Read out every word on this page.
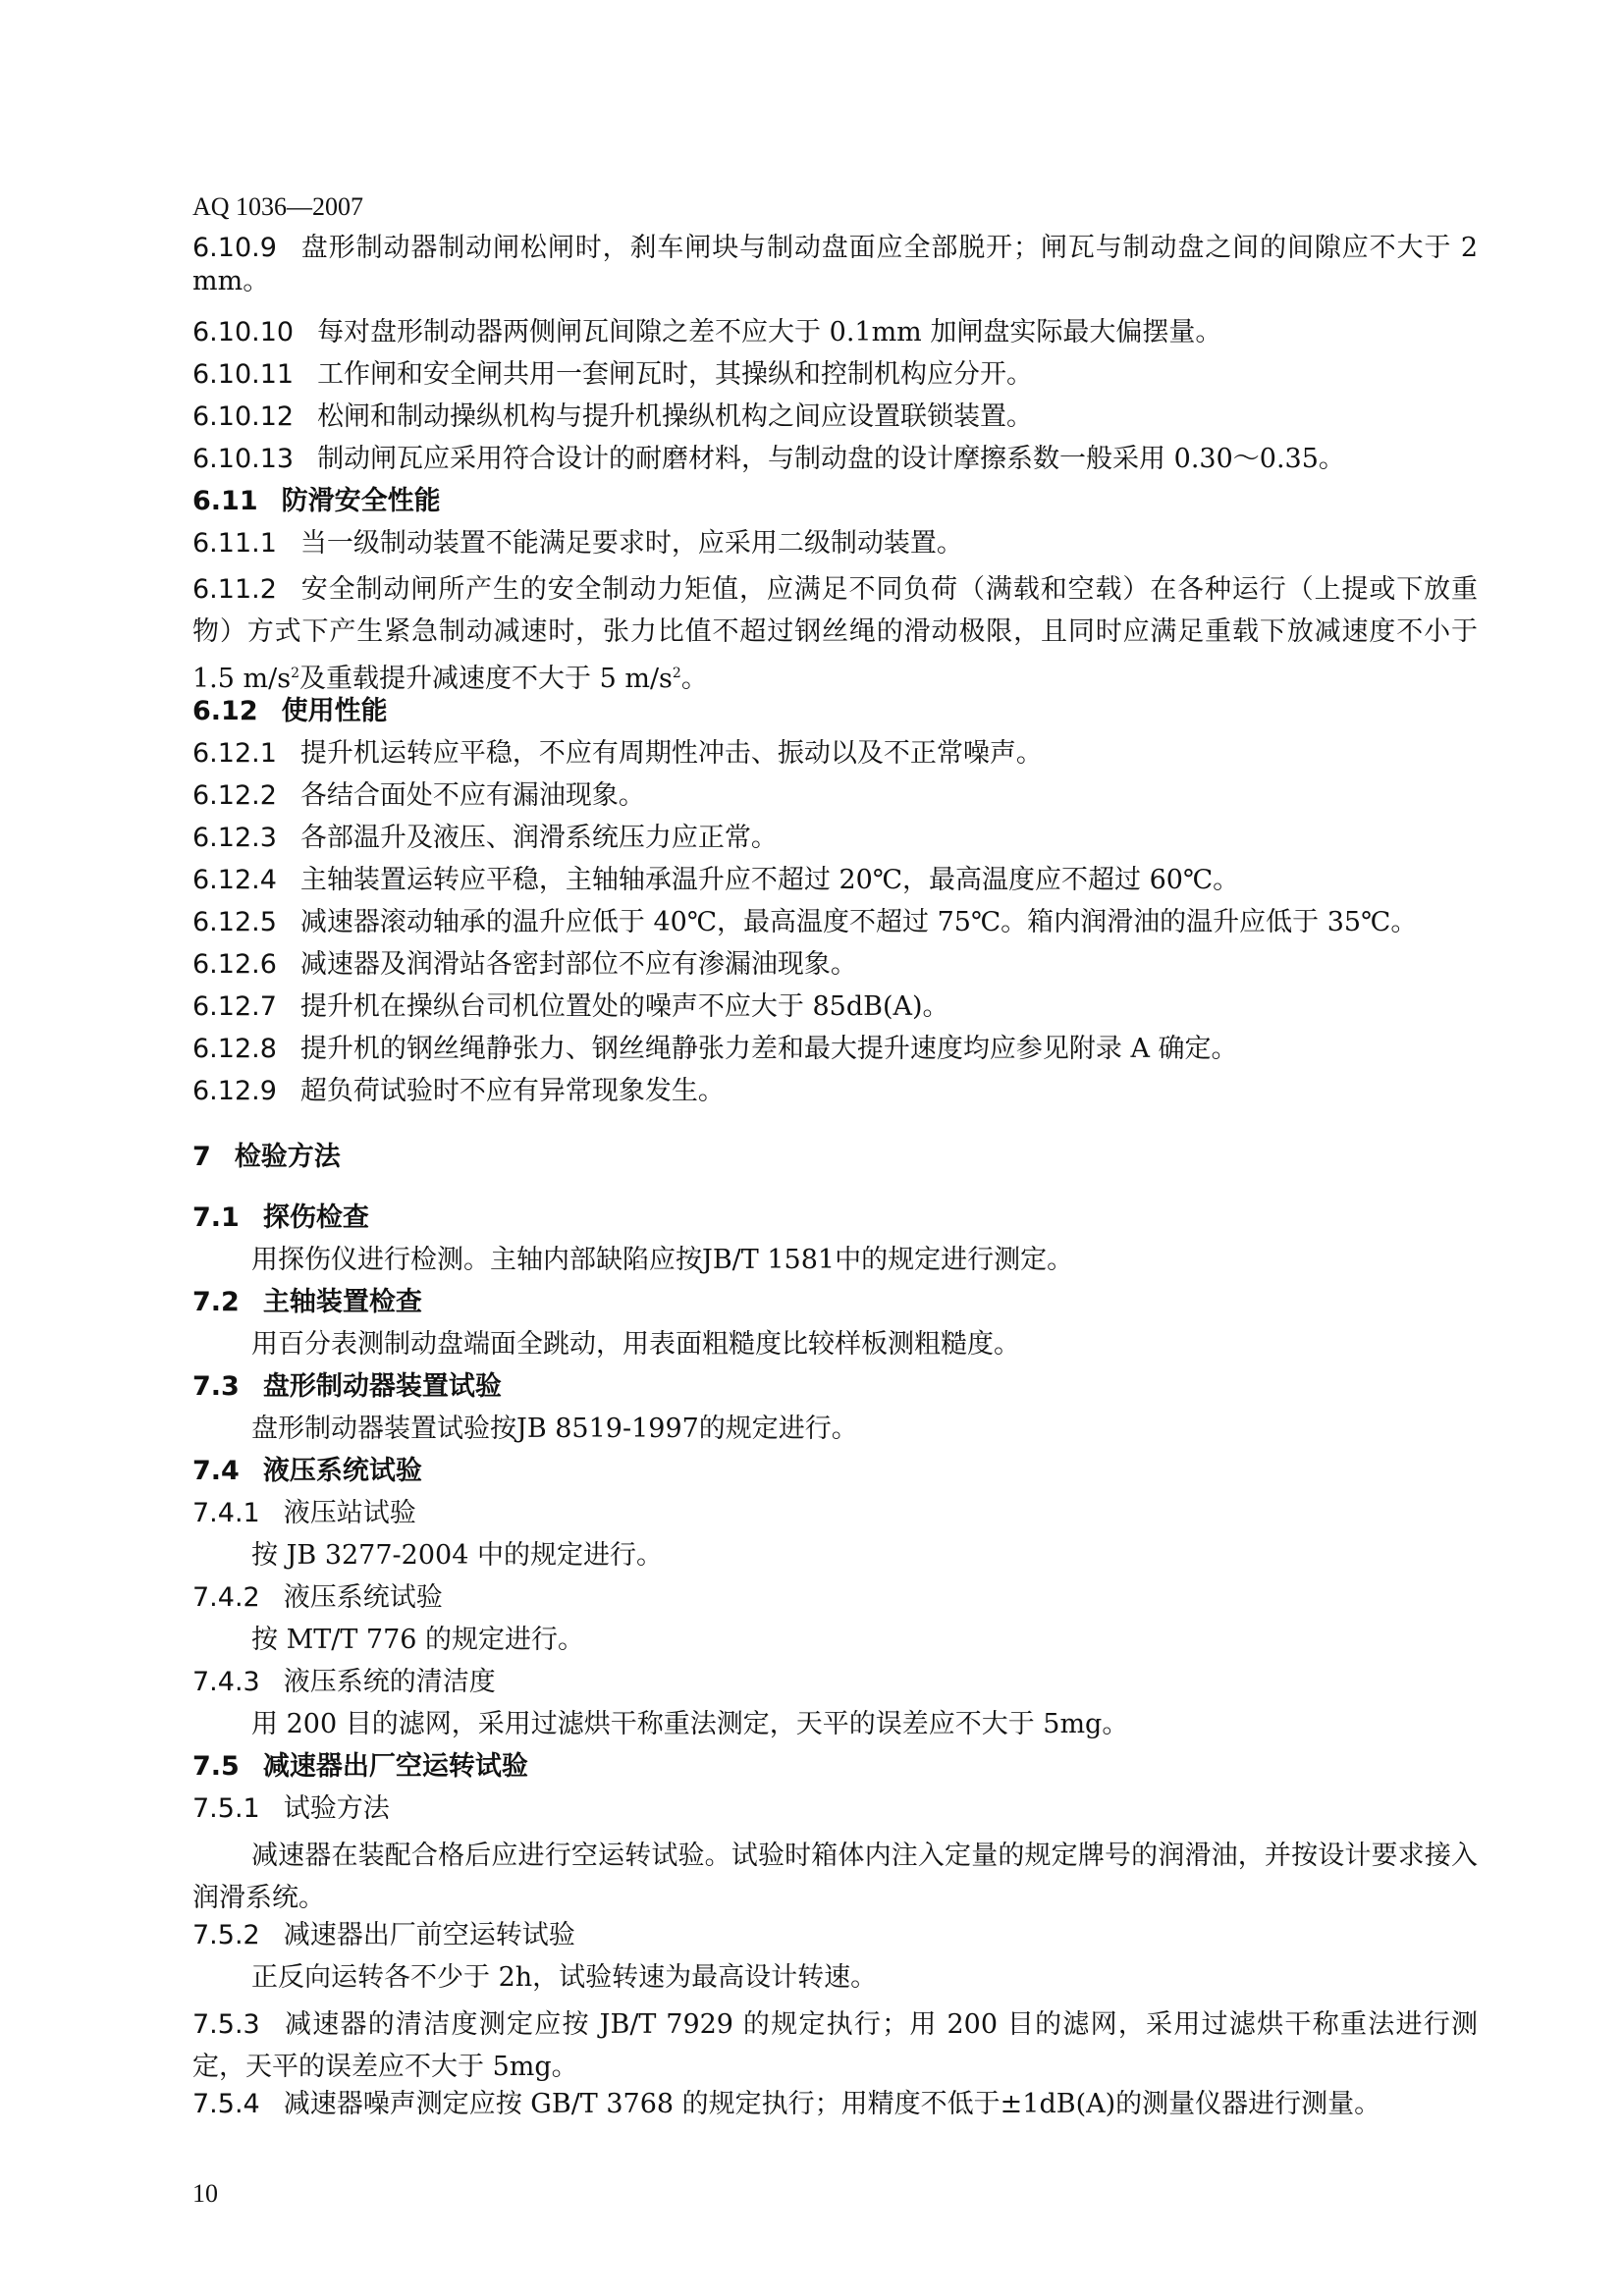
AQ 1036—2007
6.10.9 盘形制动器制动闸松闸时，刹车闸块与制动盘面应全部脱开；闸瓦与制动盘之间的间隙应不大于 2 mm。
6.10.10 每对盘形制动器两侧闸瓦间隙之差不应大于 0.1mm 加闸盘实际最大偏摆量。
6.10.11 工作闸和安全闸共用一套闸瓦时，其操纵和控制机构应分开。
6.10.12 松闸和制动操纵机构与提升机操纵机构之间应设置联锁装置。
6.10.13 制动闸瓦应采用符合设计的耐磨材料，与制动盘的设计摩擦系数一般采用 0.30～0.35。
6.11 防滑安全性能
6.11.1 当一级制动装置不能满足要求时，应采用二级制动装置。
6.11.2 安全制动闸所产生的安全制动力矩值，应满足不同负荷（满载和空载）在各种运行（上提或下放重物）方式下产生紧急制动减速时，张力比值不超过钢丝绳的滑动极限，且同时应满足重载下放减速度不小于 1.5 $m/s^2$及重载提升减速度不大于 5 $m/s^2$。
6.12 使用性能
6.12.1 提升机运转应平稳，不应有周期性冲击、振动以及不正常噪声。
6.12.2 各结合面处不应有漏油现象。
6.12.3 各部温升及液压、润滑系统压力应正常。
6.12.4 主轴装置运转应平稳，主轴轴承温升应不超过 20℃，最高温度应不超过 60℃。
6.12.5 减速器滚动轴承的温升应低于 40℃，最高温度不超过 75℃。箱内润滑油的温升应低于 35℃。
6.12.6 减速器及润滑站各密封部位不应有渗漏油现象。
6.12.7 提升机在操纵台司机位置处的噪声不应大于 85dB(A)。
6.12.8 提升机的钢丝绳静张力、钢丝绳静张力差和最大提升速度均应参见附录 A 确定。
6.12.9 超负荷试验时不应有异常现象发生。
7 检验方法
7.1 探伤检查
用探伤仪进行检测。主轴内部缺陷应按JB/T 1581中的规定进行测定。
7.2 主轴装置检查
用百分表测制动盘端面全跳动，用表面粗糙度比较样板测粗糙度。
7.3 盘形制动器装置试验
盘形制动器装置试验按JB 8519-1997的规定进行。
7.4 液压系统试验
7.4.1 液压站试验
按 JB 3277-2004 中的规定进行。
7.4.2 液压系统试验
按 MT/T 776 的规定进行。
7.4.3 液压系统的清洁度
用 200 目的滤网，采用过滤烘干称重法测定，天平的误差应不大于 5mg。
7.5 减速器出厂空运转试验
7.5.1 试验方法
减速器在装配合格后应进行空运转试验。试验时箱体内注入定量的规定牌号的润滑油，并按设计要求接入润滑系统。
7.5.2 减速器出厂前空运转试验
正反向运转各不少于 2h，试验转速为最高设计转速。
7.5.3 减速器的清洁度测定应按 JB/T 7929 的规定执行；用 200 目的滤网，采用过滤烘干称重法进行测定，天平的误差应不大于 5mg。
7.5.4 减速器噪声测定应按 GB/T 3768 的规定执行；用精度不低于±1dB(A)的测量仪器进行测量。
10
